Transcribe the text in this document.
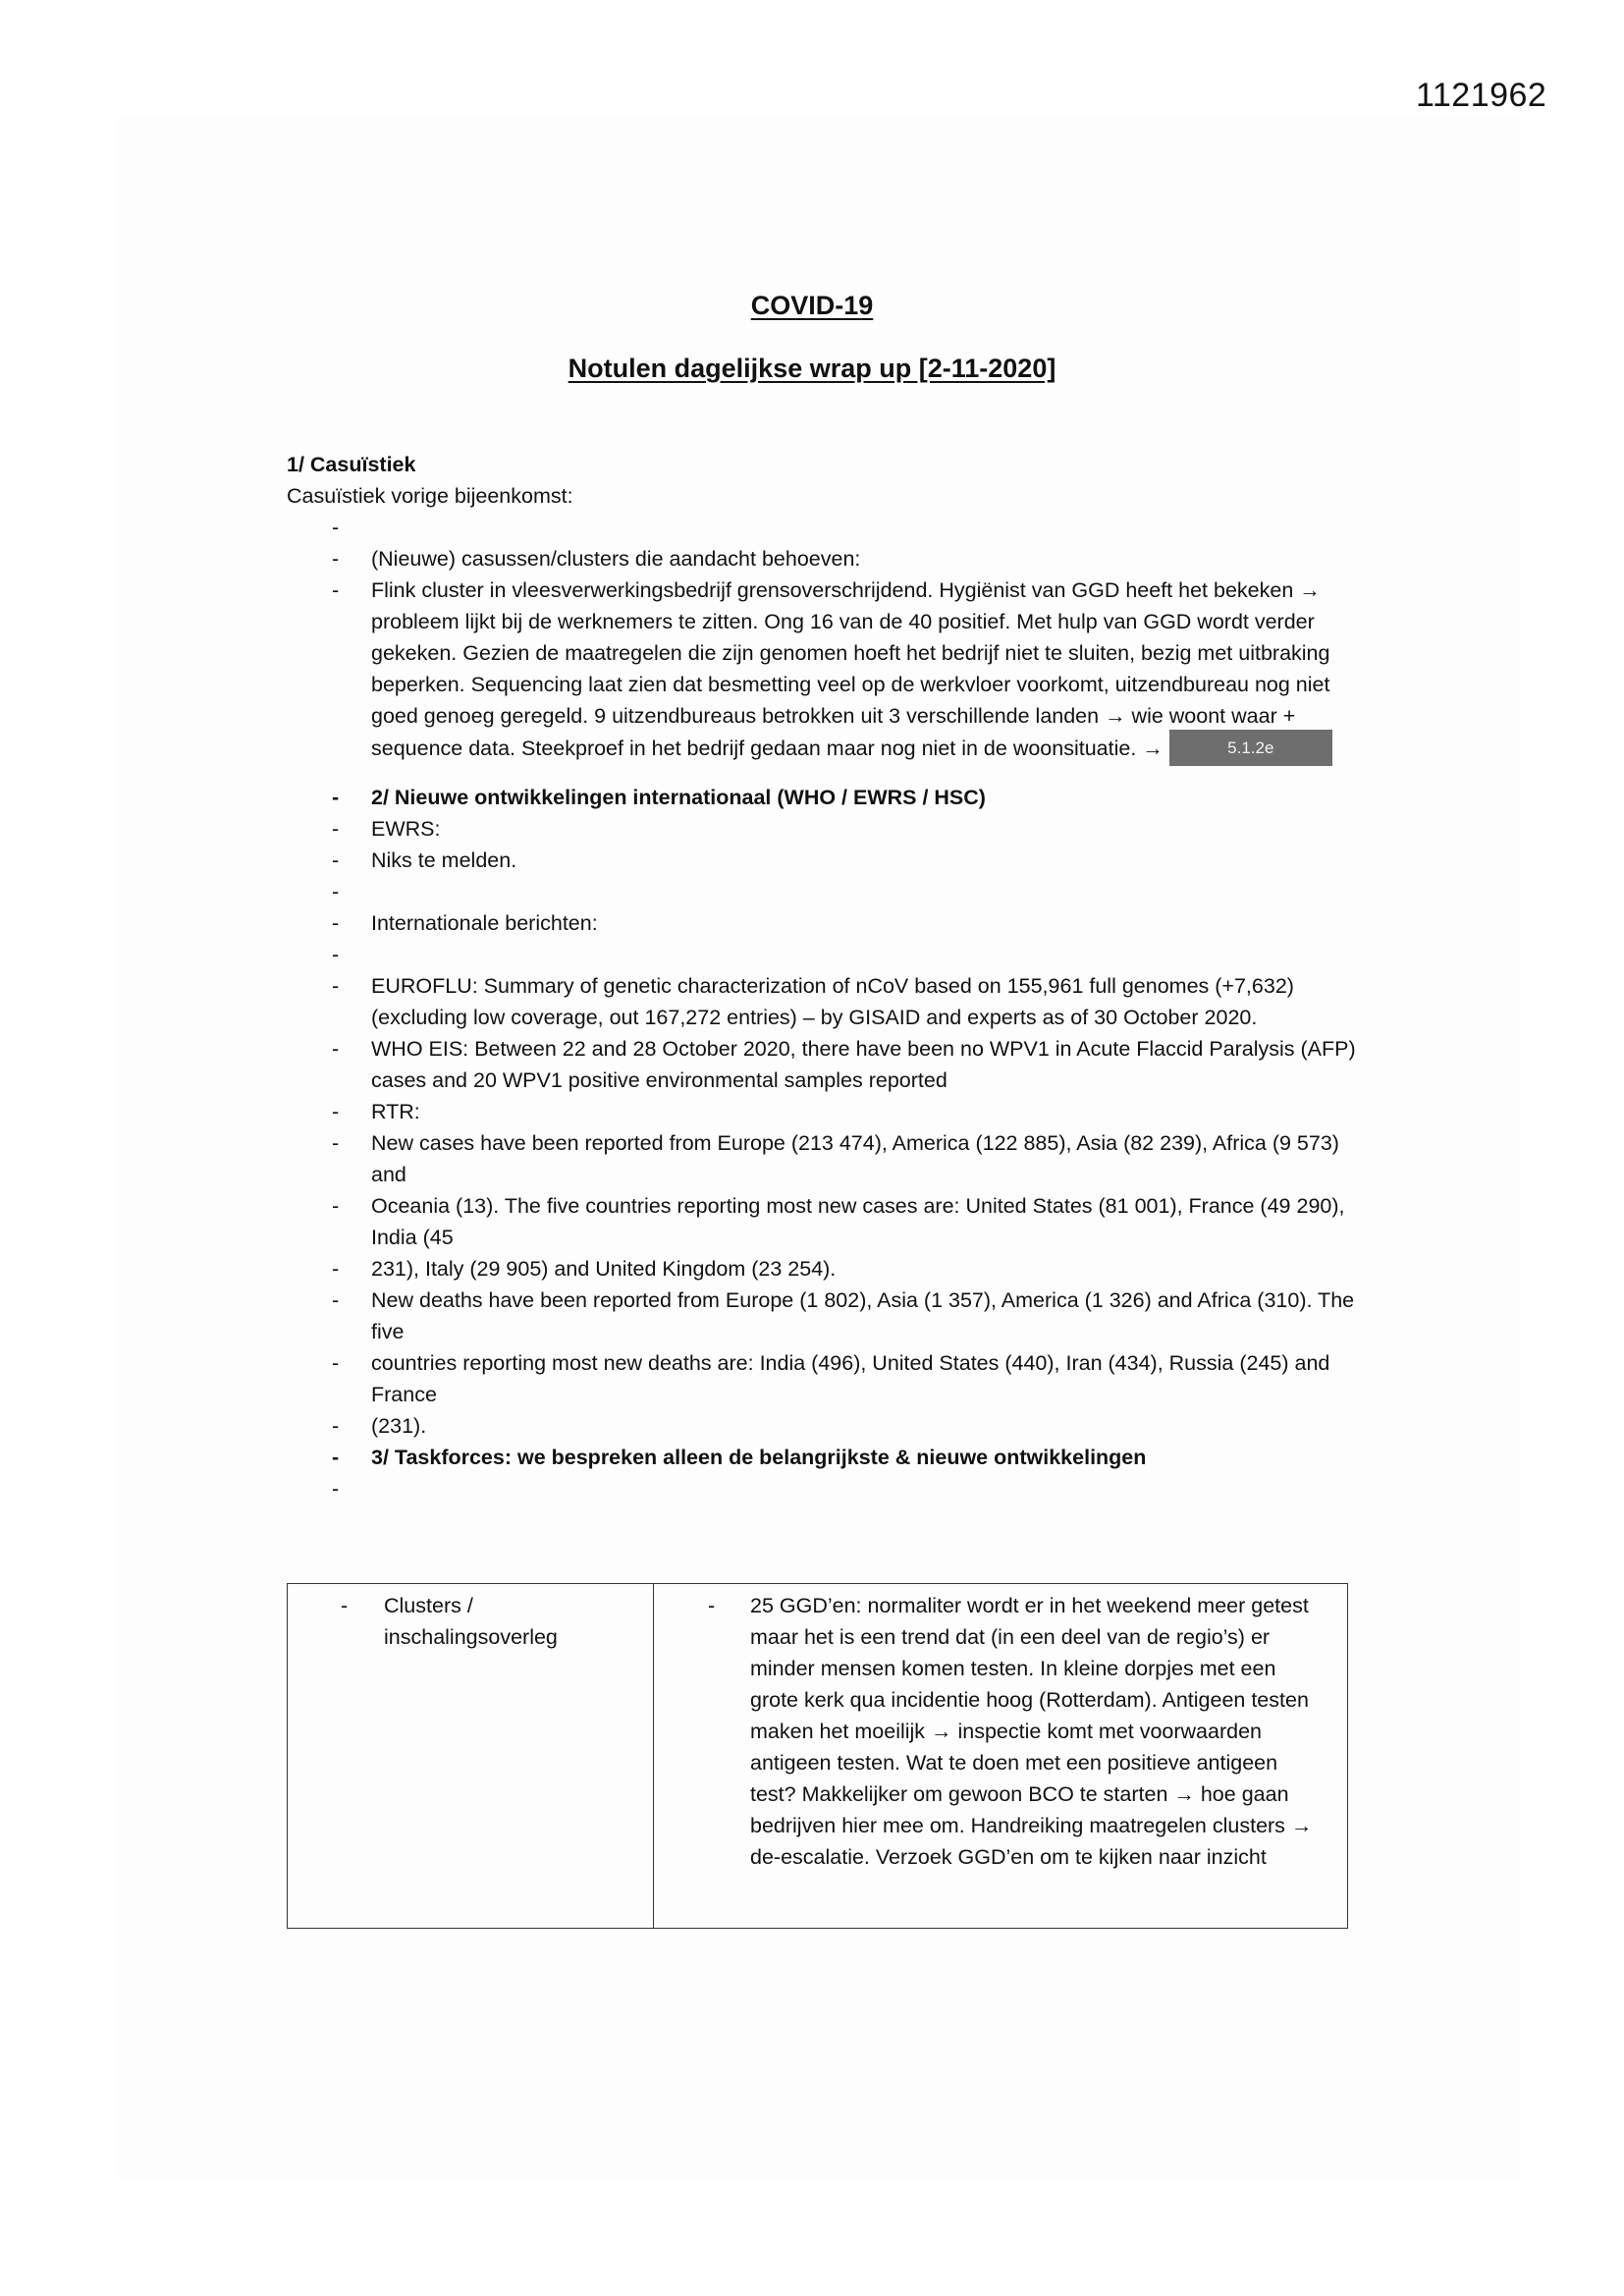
1121962
COVID-19
Notulen dagelijkse wrap up [2-11-2020]
1/ Casuïstiek
Casuïstiek vorige bijeenkomst:
-

- (Nieuwe) casussen/clusters die aandacht behoeven:
- Flink cluster in vleesverwerkingsbedrijf grensoverschrijdend. Hygiënist van GGD heeft het bekeken → probleem lijkt bij de werknemers te zitten. Ong 16 van de 40 positief. Met hulp van GGD wordt verder gekeken. Gezien de maatregelen die zijn genomen hoeft het bedrijf niet te sluiten, bezig met uitbraking beperken. Sequencing laat zien dat besmetting veel op de werkvloer voorkomt, uitzendbureau nog niet goed genoeg geregeld. 9 uitzendbureaus betrokken uit 3 verschillende landen → wie woont waar + sequence data. Steekproef in het bedrijf gedaan maar nog niet in de woonsituatie. →	5.1.2e
- 2/ Nieuwe ontwikkelingen internationaal (WHO / EWRS / HSC)
- EWRS:
- Niks te melden.
-

- Internationale berichten:
-

- EUROFLU: Summary of genetic characterization of nCoV based on 155,961 full genomes (+7,632) (excluding low coverage, out 167,272 entries) – by GISAID and experts as of 30 October 2020.
- WHO EIS: Between 22 and 28 October 2020, there have been no WPV1 in Acute Flaccid Paralysis (AFP) cases and 20 WPV1 positive environmental samples reported
- RTR:
- New cases have been reported from Europe (213 474), America (122 885), Asia (82 239), Africa (9 573) and
- Oceania (13). The five countries reporting most new cases are: United States (81 001), France (49 290), India (45
- 231), Italy (29 905) and United Kingdom (23 254).
- New deaths have been reported from Europe (1 802), Asia (1 357), America (1 326) and Africa (310). The five
- countries reporting most new deaths are: India (496), United States (440), Iran (434), Russia (245) and France
- (231).
- 3/ Taskforces: we bespreken alleen de belangrijkste & nieuwe ontwikkelingen
-

- Clusters / inschalingsoverleg

- 25 GGD’en: normaliter wordt er in het weekend meer getest maar het is een trend dat (in een deel van de regio’s) er minder mensen komen testen. In kleine dorpjes met een grote kerk qua incidentie hoog (Rotterdam). Antigeen testen maken het moeilijk → inspectie komt met voorwaarden antigeen testen. Wat te doen met een positieve antigeen test? Makkelijker om gewoon BCO te starten → hoe gaan bedrijven hier mee om. Handreiking maatregelen clusters → de-escalatie. Verzoek GGD’en om te kijken naar inzicht
